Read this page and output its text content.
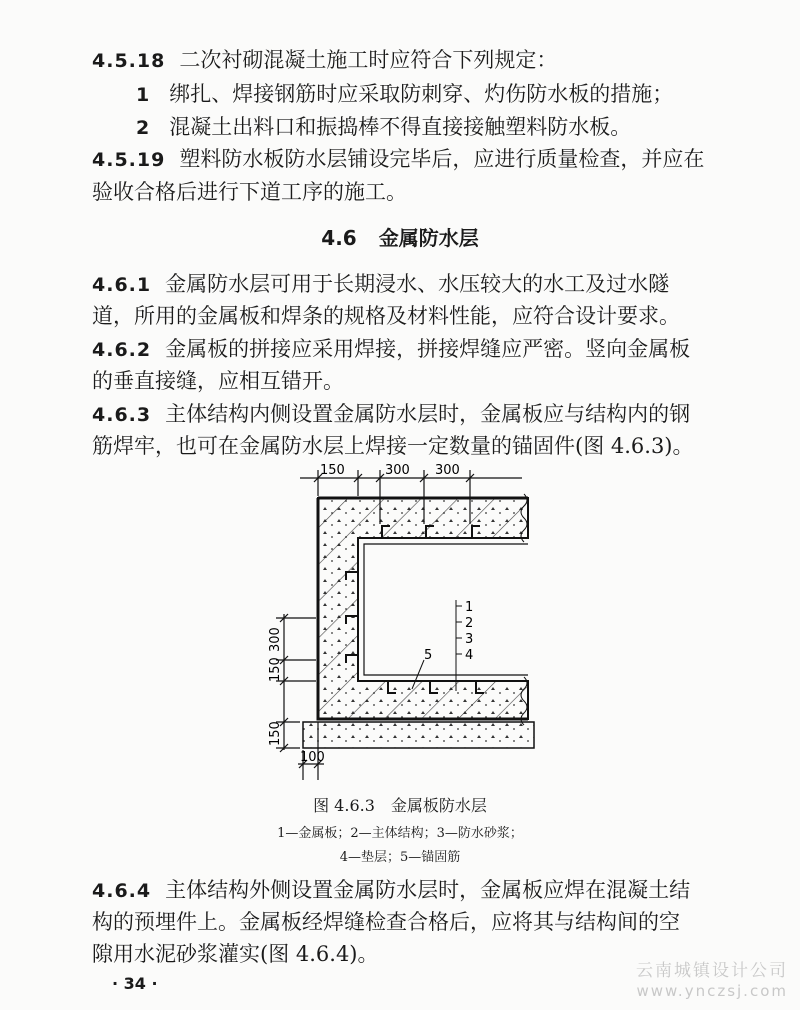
4.5.18 二次衬砌混凝土施工时应符合下列规定：
1 绑扎、焊接钢筋时应采取防刺穿、灼伤防水板的措施；
2 混凝土出料口和振捣棒不得直接接触塑料防水板。
4.5.19 塑料防水板防水层铺设完毕后，应进行质量检查，并应在
验收合格后进行下道工序的施工。
4.6 金属防水层
4.6.1 金属防水层可用于长期浸水、水压较大的水工及过水隧
道，所用的金属板和焊条的规格及材料性能，应符合设计要求。
4.6.2 金属板的拼接应采用焊接，拼接焊缝应严密。竖向金属板
的垂直接缝，应相互错开。
4.6.3 主体结构内侧设置金属防水层时，金属板应与结构内的钢
筋焊牢，也可在金属防水层上焊接一定数量的锚固件(图 4.6.3)。
150	300 300
300
150
150
100
1
2
3
4
5
图 4.6.3　金属板防水层
1—金属板；2—主体结构；3—防水砂浆；
4—垫层；5—锚固筋
4.6.4 主体结构外侧设置金属防水层时，金属板应焊在混凝土结
构的预埋件上。金属板经焊缝检查合格后，应将其与结构间的空
隙用水泥砂浆灌实(图 4.6.4)。
· 34 ·
云南城镇设计公司
www.ynczsj.com
